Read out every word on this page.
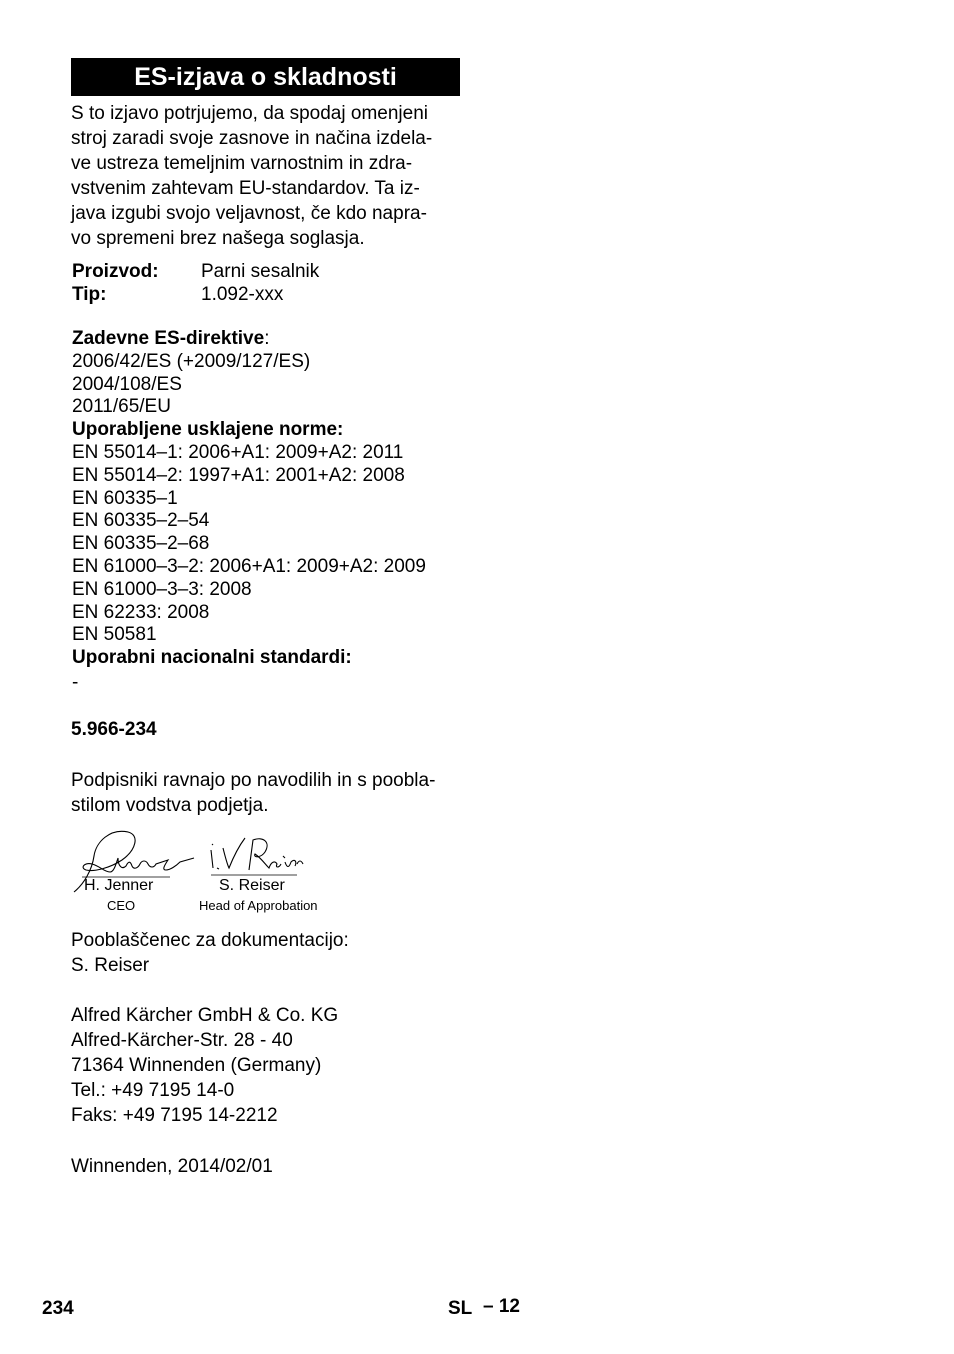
ES-izjava o skladnosti

S to izjavo potrjujemo, da spodaj omenjeni

stroj zaradi svoje zasnove in načina izdela-

ve ustreza temeljnim varnostnim in zdra-

vstvenim zahtevam EU-standardov. Ta iz-

java izgubi svojo veljavnost, če kdo napra-

vo spremeni brez našega soglasja.

Proizvod:	Parni sesalnik
Tip:	1.092-xxx
Zadevne ES-direktive:
2006/42/ES (+2009/127/ES)
2004/108/ES
2011/65/EU
Uporabljene usklajene norme:
EN 55014–1: 2006+A1: 2009+A2: 2011
EN 55014–2: 1997+A1: 2001+A2: 2008
EN 60335–1
EN 60335–2–54
EN 60335–2–68
EN 61000–3–2: 2006+A1: 2009+A2: 2009
EN 61000–3–3: 2008
EN 62233: 2008
EN 50581
Uporabni nacionalni standardi:
-
5.966-234

Podpisniki ravnajo po navodilih in s poobla-

stilom vodstva podjetja.

H. Jenner
CEO
S. Reiser
Head of Approbation

Pooblaščenec za dokumentacijo:

S. Reiser

Alfred Kärcher GmbH & Co. KG

Alfred-Kärcher-Str. 28 - 40

71364 Winnenden (Germany)

Tel.: +49 7195 14-0

Faks: +49 7195 14-2212

Winnenden, 2014/02/01

234	SL – 12
